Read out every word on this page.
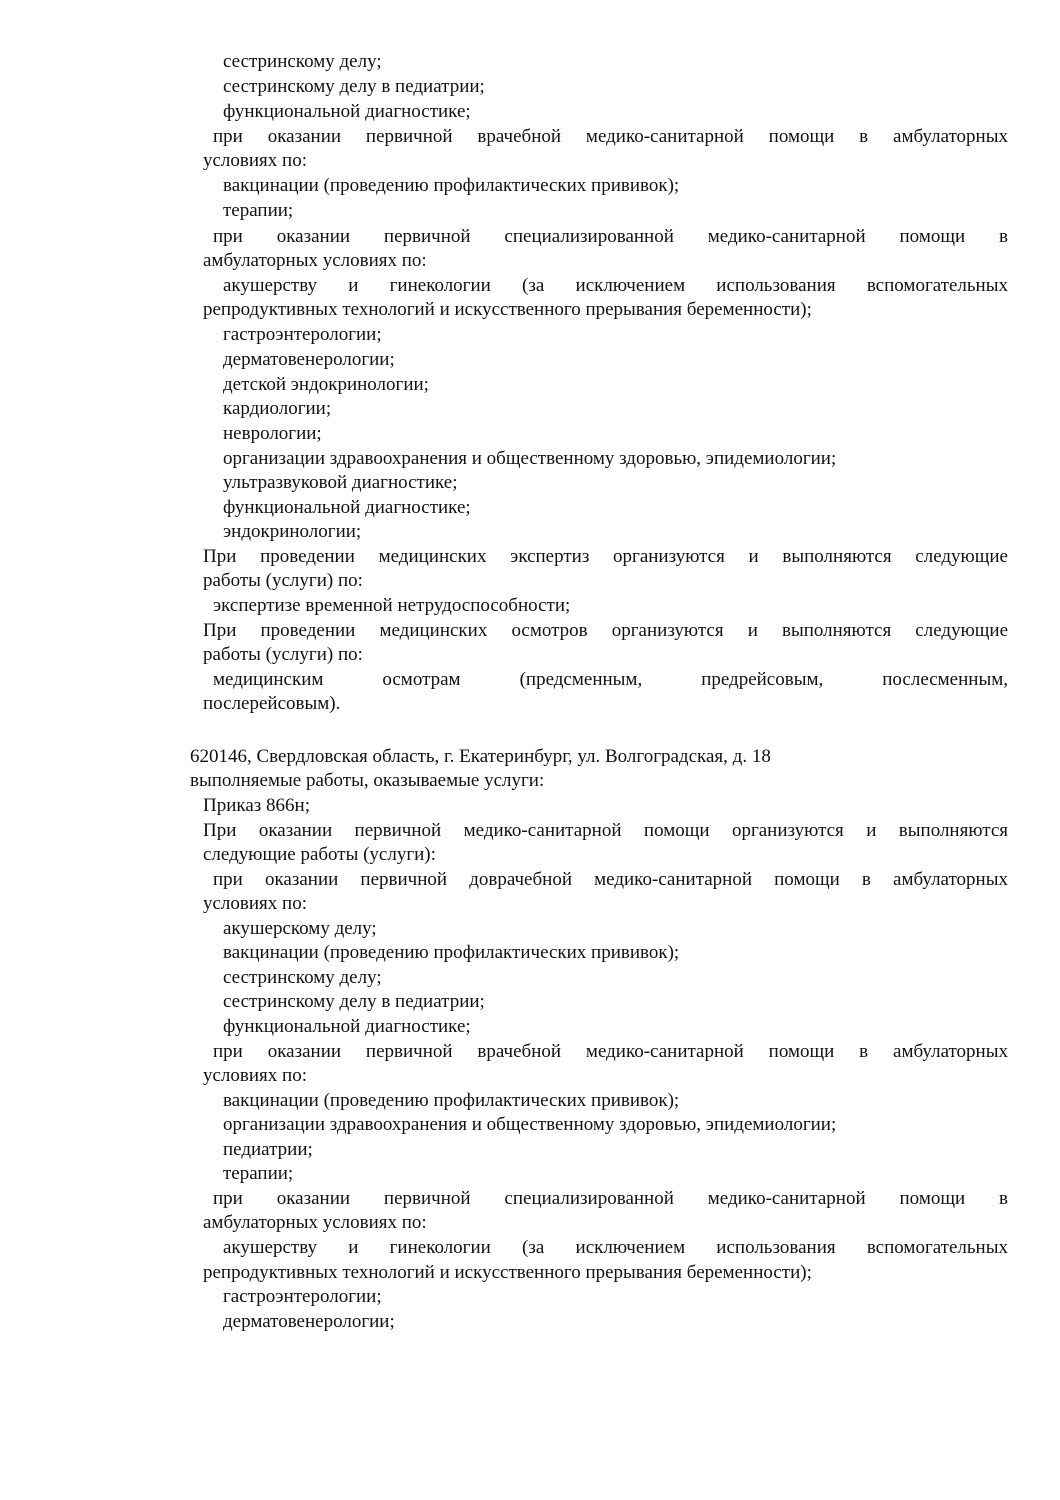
сестринскому делу;
сестринскому делу в педиатрии;
функциональной диагностике;
при оказании первичной врачебной медико-санитарной помощи в амбулаторных
условиях по:
вакцинации (проведению профилактических прививок);
терапии;
при оказании первичной специализированной медико-санитарной помощи в
амбулаторных условиях по:
акушерству и гинекологии (за исключением использования вспомогательных
репродуктивных технологий и искусственного прерывания беременности);
гастроэнтерологии;
дерматовенерологии;
детской эндокринологии;
кардиологии;
неврологии;
организации здравоохранения и общественному здоровью, эпидемиологии;
ультразвуковой диагностике;
функциональной диагностике;
эндокринологии;
При проведении медицинских экспертиз организуются и выполняются следующие
работы (услуги) по:
экспертизе временной нетрудоспособности;
При проведении медицинских осмотров организуются и выполняются следующие
работы (услуги) по:
медицинским осмотрам (предсменным, предрейсовым, послесменным,
послерейсовым).
620146, Свердловская область, г. Екатеринбург, ул. Волгоградская, д. 18
выполняемые работы, оказываемые услуги:
Приказ 866н;
При оказании первичной медико-санитарной помощи организуются и выполняются
следующие работы (услуги):
при оказании первичной доврачебной медико-санитарной помощи в амбулаторных
условиях по:
акушерскому делу;
вакцинации (проведению профилактических прививок);
сестринскому делу;
сестринскому делу в педиатрии;
функциональной диагностике;
при оказании первичной врачебной медико-санитарной помощи в амбулаторных
условиях по:
вакцинации (проведению профилактических прививок);
организации здравоохранения и общественному здоровью, эпидемиологии;
педиатрии;
терапии;
при оказании первичной специализированной медико-санитарной помощи в
амбулаторных условиях по:
акушерству и гинекологии (за исключением использования вспомогательных
репродуктивных технологий и искусственного прерывания беременности);
гастроэнтерологии;
дерматовенерологии;
